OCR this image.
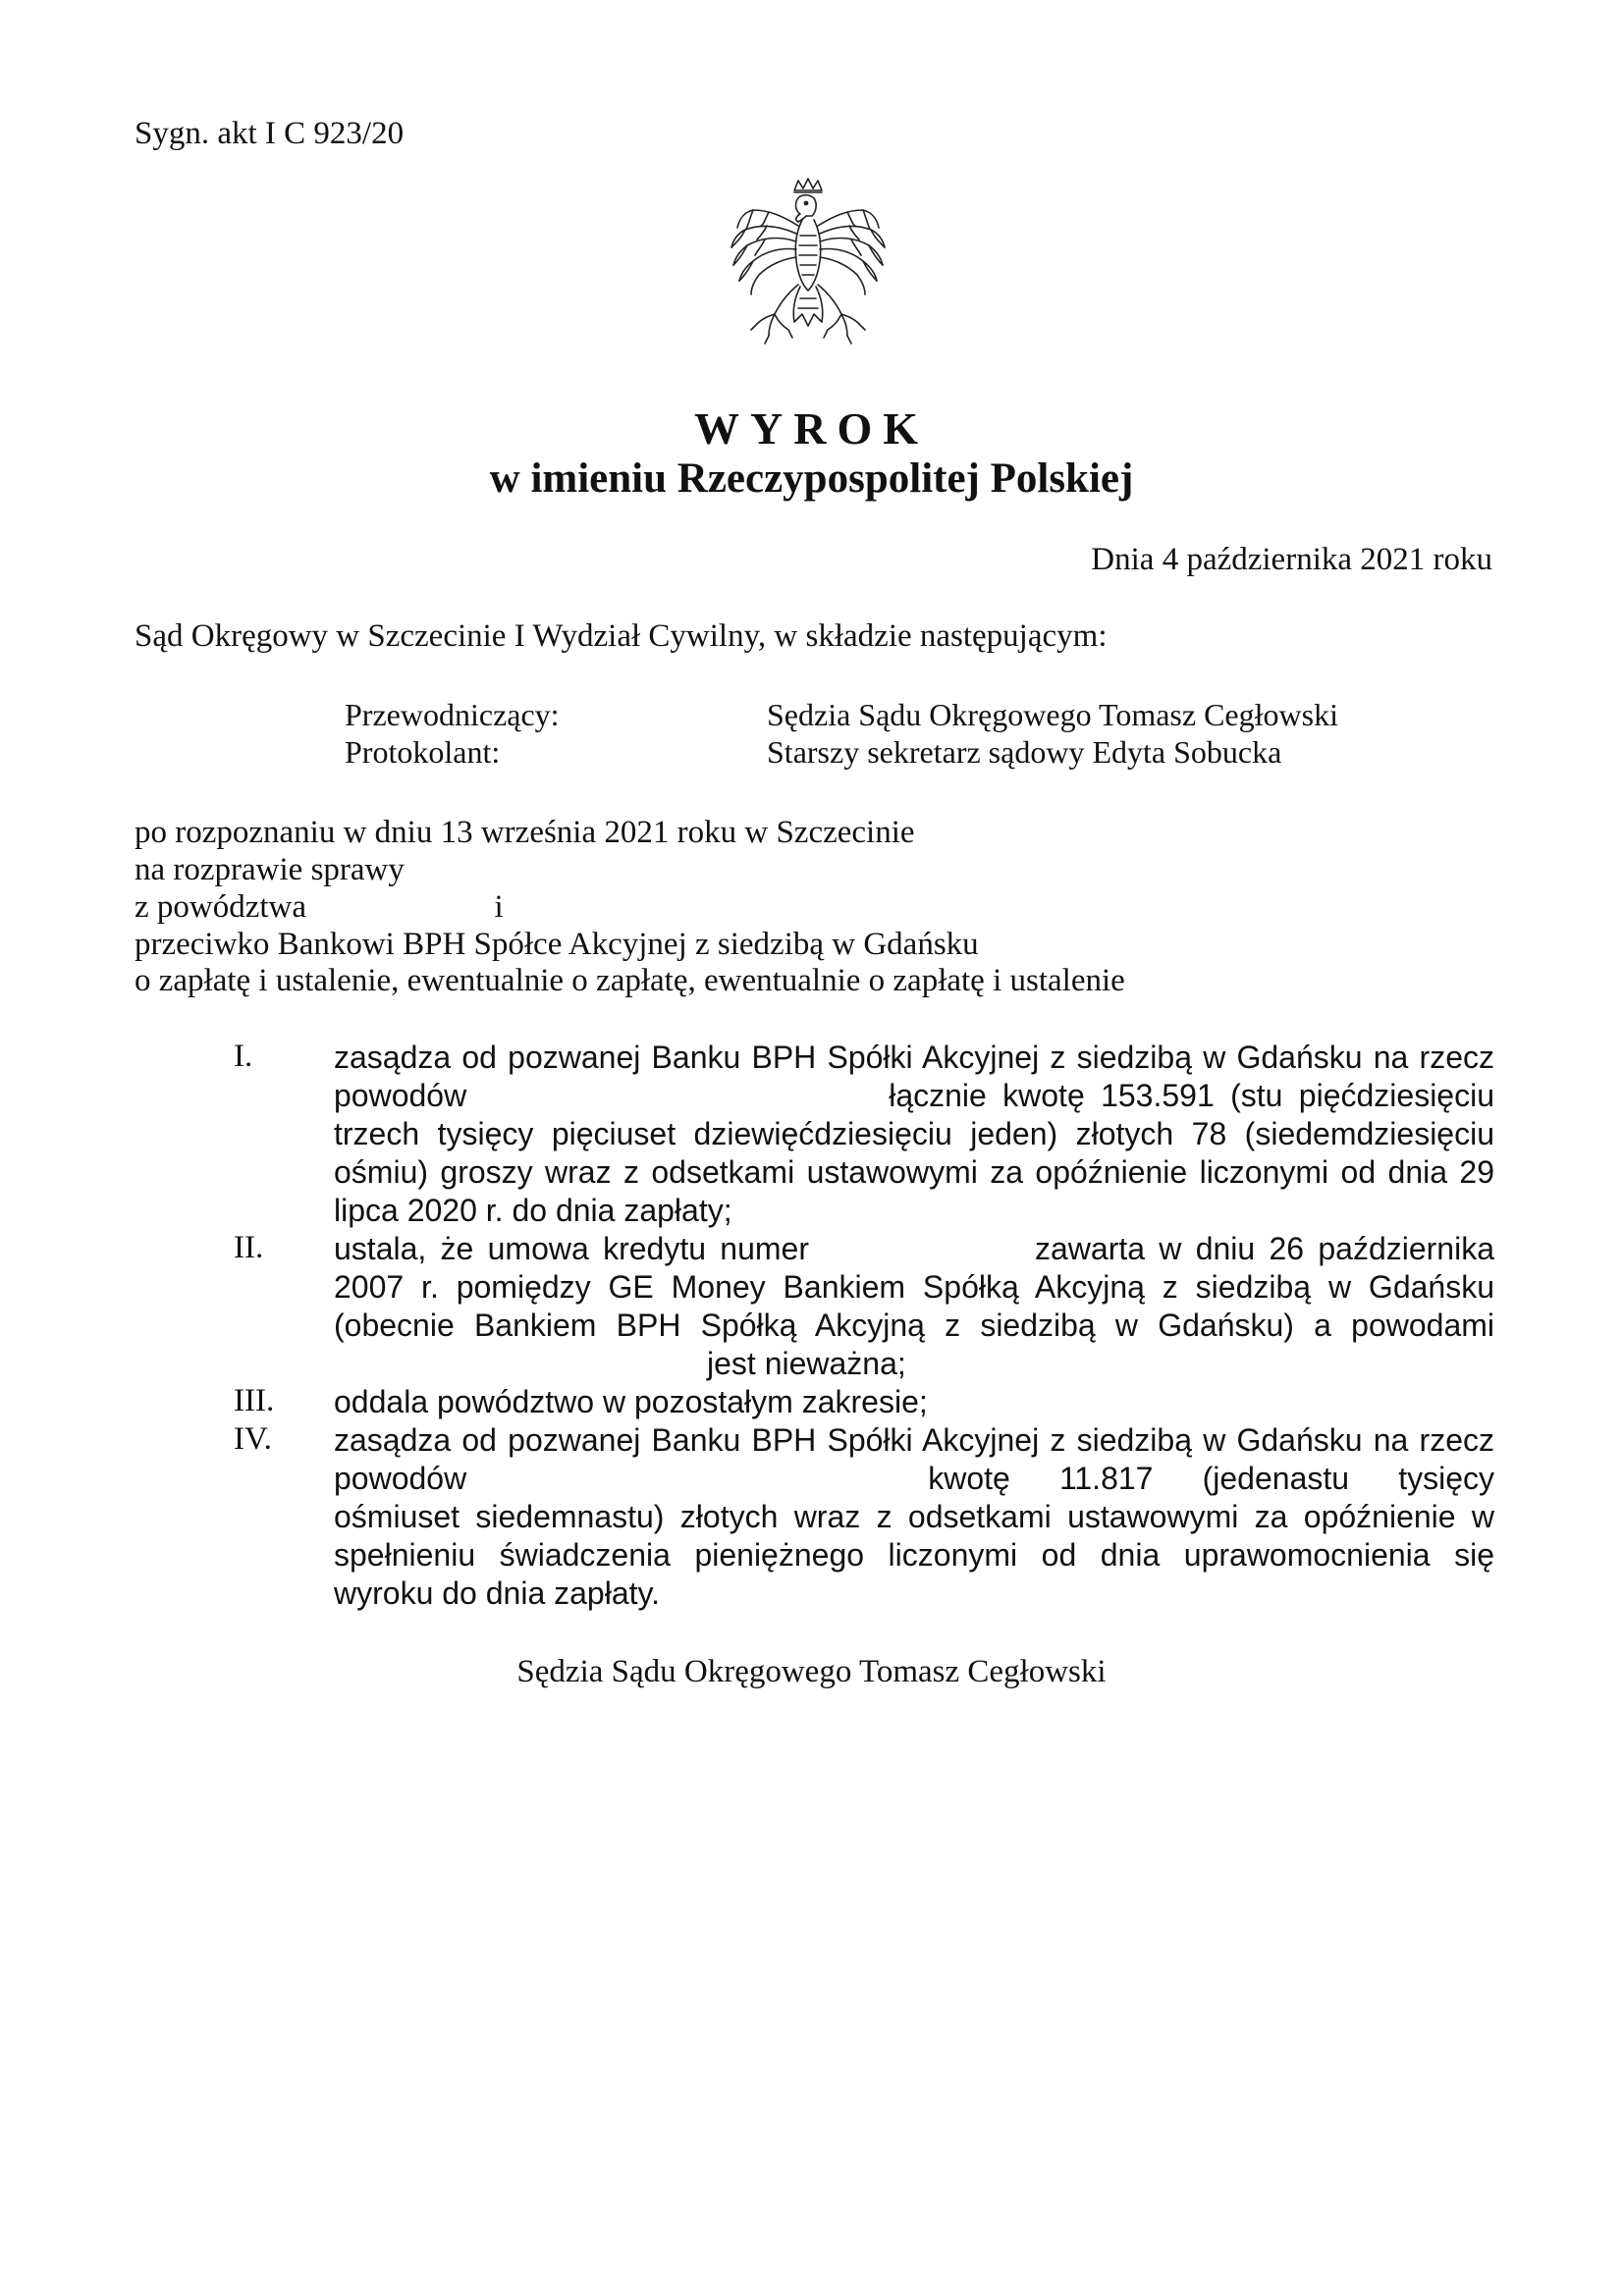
Sygn. akt I C 923/20
WYROK
w imieniu Rzeczypospolitej Polskiej
Dnia 4 października 2021 roku
Sąd Okręgowy w Szczecinie I Wydział Cywilny, w składzie następującym:
Przewodniczący:	Sędzia Sądu Okręgowego Tomasz Cegłowski
Protokolant:	Starszy sekretarz sądowy Edyta Sobucka
po rozpoznaniu w dniu 13 września 2021 roku w Szczecinie
na rozprawie sprawy
z powództwa	i
przeciwko Bankowi BPH Spółce Akcyjnej z siedzibą w Gdańsku
o zapłatę i ustalenie, ewentualnie o zapłatę, ewentualnie o zapłatę i ustalenie
I.	zasądza od pozwanej Banku BPH Spółki Akcyjnej z siedzibą w Gdańsku na rzecz powodów	łącznie kwotę 153.591 (stu pięćdziesięciu trzech tysięcy pięciuset dziewięćdziesięciu jeden) złotych 78 (siedemdziesięciu ośmiu) groszy wraz z odsetkami ustawowymi za opóźnienie liczonymi od dnia 29 lipca 2020 r. do dnia zapłaty;

II. ustala, że umowa kredytu numer	zawarta w dniu 26 października 2007 r. pomiędzy GE Money Bankiem Spółką Akcyjną z siedzibą w Gdańsku (obecnie Bankiem BPH Spółką Akcyjną z siedzibą w Gdańsku) a powodamijest nieważna;

III. oddala powództwo w pozostałym zakresie;

IV. zasądza od pozwanej Banku BPH Spółki Akcyjnej z siedzibą w Gdańsku na rzecz powodów	kwotę 11.817 (jedenastu tysięcy ośmiuset siedemnastu) złotych wraz z odsetkami ustawowymi za opóźnienie w spełnieniu świadczenia pieniężnego liczonymi od dnia uprawomocnienia się wyroku do dnia zapłaty.

Sędzia Sądu Okręgowego Tomasz Cegłowski
